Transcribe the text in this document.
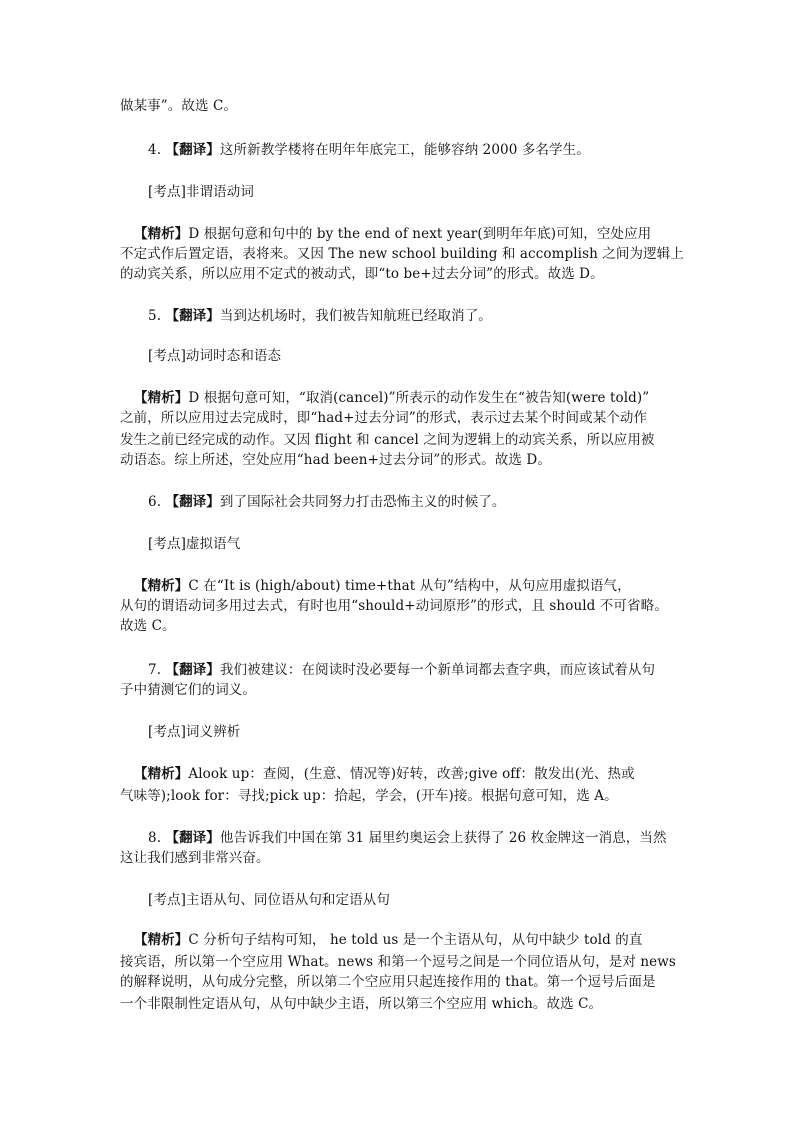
做某事”。故选 C。
4. 【翻译】这所新教学楼将在明年年底完工，能够容纳 2000 多名学生。
[考点]非谓语动词
【精析】D 根据句意和句中的 by the end of next year(到明年年底)可知，空处应用
不定式作后置定语，表将来。又因 The new school building 和 accomplish 之间为逻辑上
的动宾关系，所以应用不定式的被动式，即“to be+过去分词”的形式。故选 D。
5. 【翻译】当到达机场时，我们被告知航班已经取消了。
[考点]动词时态和语态
【精析】D 根据句意可知，“取消(cancel)”所表示的动作发生在“被告知(were told)”
之前，所以应用过去完成时，即“had+过去分词”的形式，表示过去某个时间或某个动作
发生之前已经完成的动作。又因 flight 和 cancel 之间为逻辑上的动宾关系，所以应用被
动语态。综上所述，空处应用“had been+过去分词”的形式。故选 D。
6. 【翻译】到了国际社会共同努力打击恐怖主义的时候了。
[考点]虚拟语气
【精析】C 在“It is (high/about) time+that 从句”结构中，从句应用虚拟语气，
从句的谓语动词多用过去式，有时也用“should+动词原形”的形式，且 should 不可省略。
故选 C。
7. 【翻译】我们被建议：在阅读时没必要每一个新单词都去查字典，而应该试着从句
子中猜测它们的词义。
[考点]词义辨析
【精析】Alook up：查阅，(生意、情况等)好转，改善;give off：散发出(光、热或
气味等);look for：寻找;pick up：拾起，学会，(开车)接。根据句意可知，选 A。
8. 【翻译】他告诉我们中国在第 31 届里约奥运会上获得了 26 枚金牌这一消息，当然
这让我们感到非常兴奋。
[考点]主语从句、同位语从句和定语从句
【精析】C 分析句子结构可知， he told us 是一个主语从句，从句中缺少 told 的直
接宾语，所以第一个空应用 What。news 和第一个逗号之间是一个同位语从句，是对 news
的解释说明，从句成分完整，所以第二个空应用只起连接作用的 that。第一个逗号后面是
一个非限制性定语从句，从句中缺少主语，所以第三个空应用 which。故选 C。
